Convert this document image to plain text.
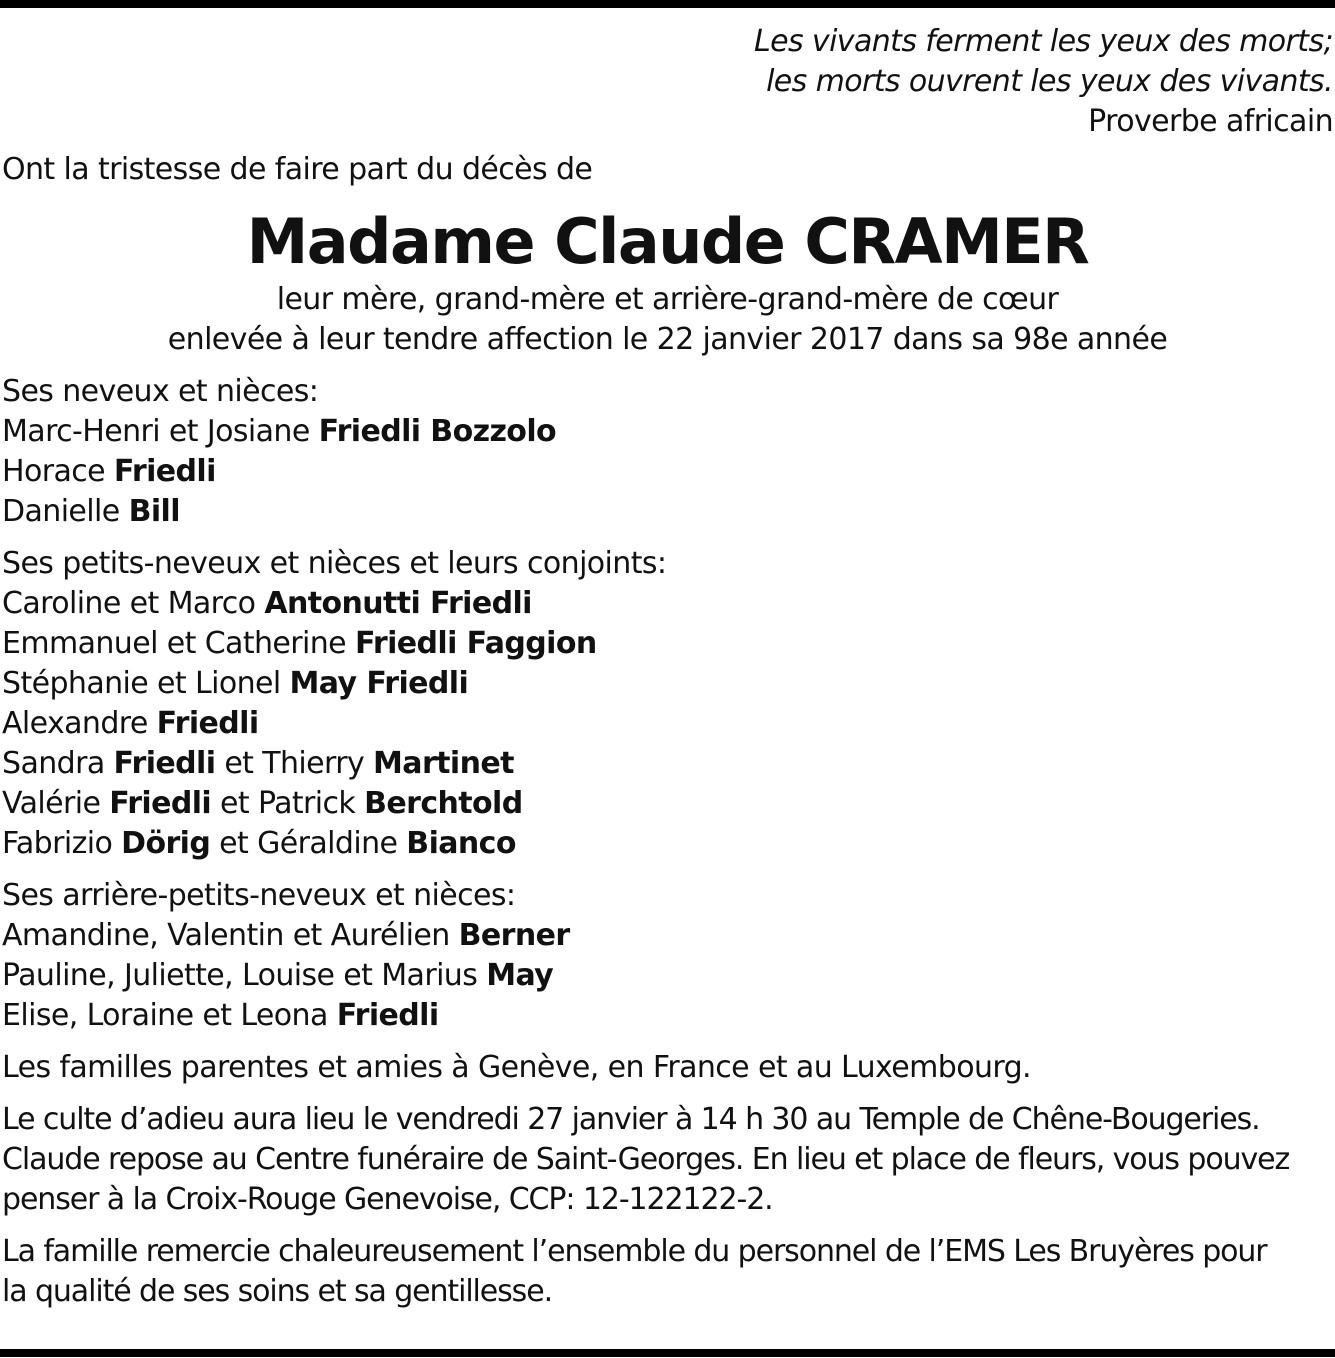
Les vivants ferment les yeux des morts;
les morts ouvrent les yeux des vivants.
Proverbe africain
Ont la tristesse de faire part du décès de
Madame Claude CRAMER
leur mère, grand-mère et arrière-grand-mère de cœur
enlevée à leur tendre affection le 22 janvier 2017 dans sa 98e année
Ses neveux et nièces:
Marc-Henri et Josiane Friedli Bozzolo
Horace Friedli
Danielle Bill
Ses petits-neveux et nièces et leurs conjoints:
Caroline et Marco Antonutti Friedli
Emmanuel et Catherine Friedli Faggion
Stéphanie et Lionel May Friedli
Alexandre Friedli
Sandra Friedli et Thierry Martinet
Valérie Friedli et Patrick Berchtold
Fabrizio Dörig et Géraldine Bianco
Ses arrière-petits-neveux et nièces:
Amandine, Valentin et Aurélien Berner
Pauline, Juliette, Louise et Marius May
Elise, Loraine et Leona Friedli
Les familles parentes et amies à Genève, en France et au Luxembourg.
Le culte d’adieu aura lieu le vendredi 27 janvier à 14 h 30 au Temple de Chêne-Bougeries.
Claude repose au Centre funéraire de Saint-Georges. En lieu et place de fleurs, vous pouvez
penser à la Croix-Rouge Genevoise, CCP: 12-122122-2.
La famille remercie chaleureusement l’ensemble du personnel de l’EMS Les Bruyères pour
la qualité de ses soins et sa gentillesse.
